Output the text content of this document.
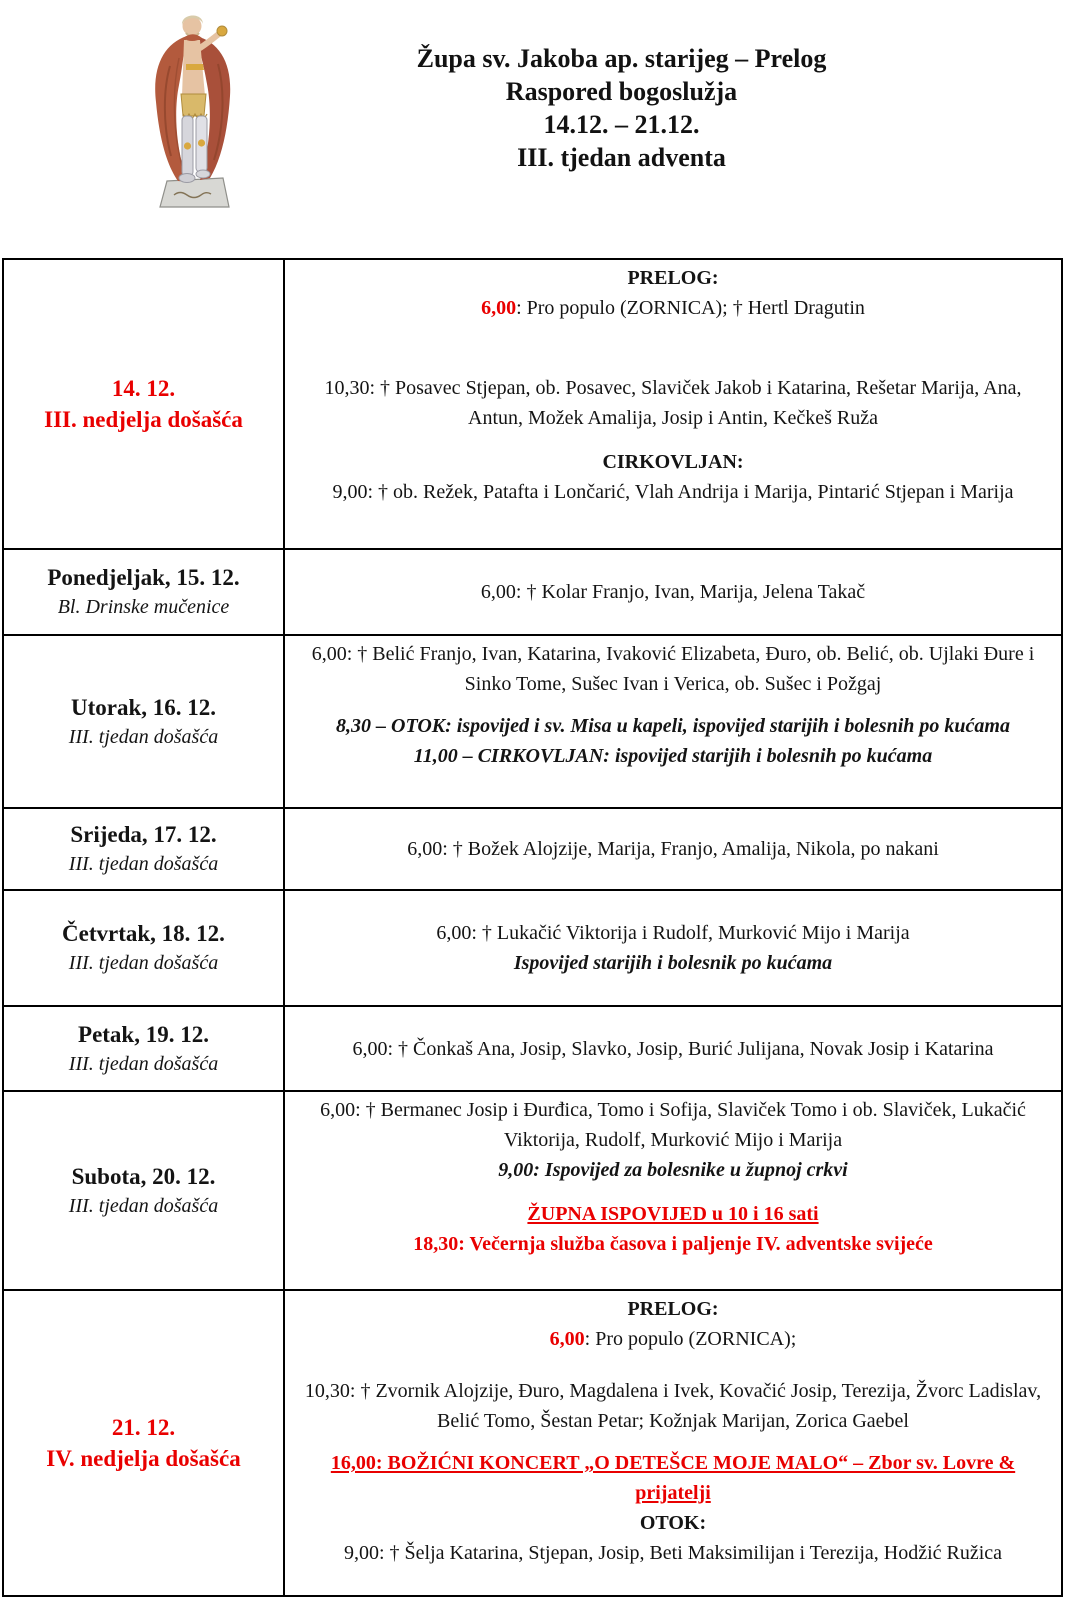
Župa sv. Jakoba ap. starijeg – Prelog
Raspored bogoslužja
14.12. – 21.12.
III. tjedan adventa
14. 12.
III. nedjelja došašća
PRELOG:
6,00: Pro populo (ZORNICA); † Hertl Dragutin
10,30: † Posavec Stjepan, ob. Posavec, Slaviček Jakob i Katarina, Rešetar Marija, Ana, Antun, Možek Amalija, Josip i Antin, Kečkeš Ruža
CIRKOVLJAN:
9,00: † ob. Režek, Patafta i Lončarić, Vlah Andrija i Marija, Pintarić Stjepan i Marija
Ponedjeljak, 15. 12.
Bl. Drinske mučenice
6,00: † Kolar Franjo, Ivan, Marija, Jelena Takač
Utorak, 16. 12.
III. tjedan došašća
6,00: † Belić Franjo, Ivan, Katarina, Ivaković Elizabeta, Đuro, ob. Belić, ob. Ujlaki Đure i Sinko Tome, Sušec Ivan i Verica, ob. Sušec i Požgaj
8,30 – OTOK: ispovijed i sv. Misa u kapeli, ispovijed starijih i bolesnih po kućama
11,00 – CIRKOVLJAN: ispovijed starijih i bolesnih po kućama
Srijeda, 17. 12.
III. tjedan došašća
6,00: † Božek Alojzije, Marija, Franjo, Amalija, Nikola, po nakani
Četvrtak, 18. 12.
III. tjedan došašća
6,00: † Lukačić Viktorija i Rudolf, Murković Mijo i Marija
Ispovijed starijih i bolesnik po kućama
Petak, 19. 12.
III. tjedan došašća
6,00: † Čonkaš Ana, Josip, Slavko, Josip, Burić Julijana, Novak Josip i Katarina
Subota, 20. 12.
III. tjedan došašća
6,00: † Bermanec Josip i Đurđica, Tomo i Sofija, Slaviček Tomo i ob. Slaviček, Lukačić Viktorija, Rudolf, Murković Mijo i Marija
9,00: Ispovijed za bolesnike u župnoj crkvi
ŽUPNA ISPOVIJED u 10 i 16 sati
18,30: Večernja služba časova i paljenje IV. adventske svijeće
21. 12.
IV. nedjelja došašća
PRELOG:
6,00: Pro populo (ZORNICA);
10,30: † Zvornik Alojzije, Đuro, Magdalena i Ivek, Kovačić Josip, Terezija, Žvorc Ladislav, Belić Tomo, Šestan Petar; Kožnjak Marijan, Zorica Gaebel
16,00: BOŽIĆNI KONCERT „O DETEŠCE MOJE MALO“ – Zbor sv. Lovre & prijatelji
OTOK:
9,00: † Šelja Katarina, Stjepan, Josip, Beti Maksimilijan i Terezija, Hodžić Ružica
